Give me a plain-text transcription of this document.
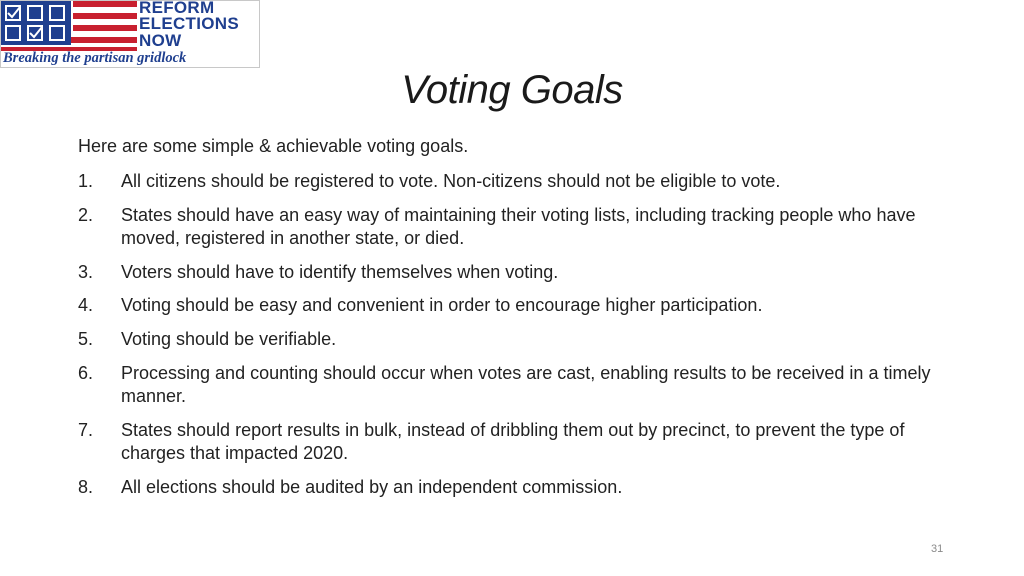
REFORM
ELECTIONS
NOW
Breaking the partisan gridlock
Voting Goals
Here are some simple & achievable voting goals.
1.	All citizens should be registered to vote. Non-citizens should not be eligible to vote.
2.	States should have an easy way of maintaining their voting lists, including tracking people who have moved, registered in another state, or died.
3.	Voters should have to identify themselves when voting.
4.	Voting should be easy and convenient in order to encourage higher participation.
5.	Voting should be verifiable.
6.	Processing and counting should occur when votes are cast, enabling results to be received in a timely manner.
7.	States should report results in bulk, instead of dribbling them out by precinct, to prevent the type of charges that impacted 2020.
8.	All elections should be audited by an independent commission.
31
